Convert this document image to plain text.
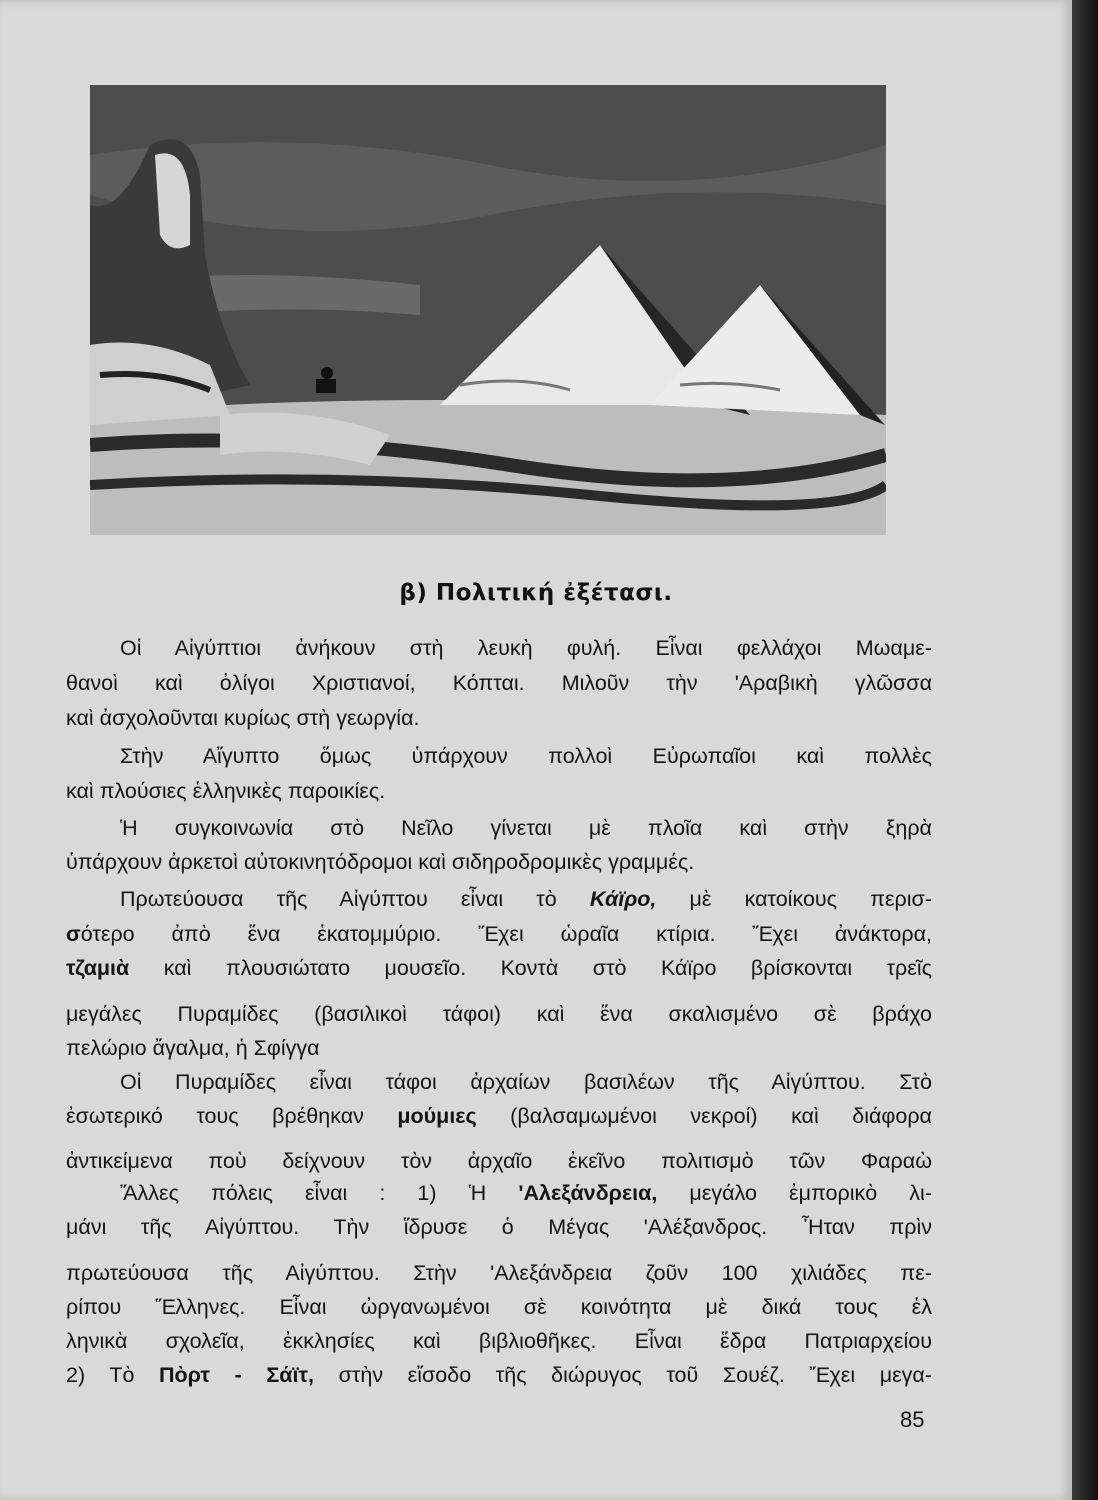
β) Πολιτική ἐξέτασι.
Οἱ Αἰγύπτιοι ἀνήκουν στὴ λευκὴ φυλή. Εἶναι φελλάχοι Μωαμε-
θανοὶ καὶ ὀλίγοι Χριστιανοί, Κόπται. Μιλοῦν τὴν 'Αραβικὴ γλῶσσα
καὶ ἀσχολοῦνται κυρίως στὴ γεωργία.
Στὴν Αἴγυπτο ὅμως ὑπάρχουν πολλοὶ Εὐρωπαῖοι καὶ πολλὲς
καὶ πλούσιες ἑλληνικὲς παροικίες.
Ἡ συγκοινωνία στὸ Νεῖλο γίνεται μὲ πλοῖα καὶ στὴν ξηρὰ
ὑπάρχουν ἀρκετοὶ αὐτοκινητόδρομοι καὶ σιδηροδρομικὲς γραμμές.
Πρωτεύουσα τῆς Αἰγύπτου εἶναι τὸ Κάϊρο, μὲ κατοίκους περισ-
σότερο ἀπὸ ἕνα ἑκατομμύριο. Ἔχει ὡραῖα κτίρια. Ἔχει ἀνάκτορα,
τζαμιὰ καὶ πλουσιώτατο μουσεῖο. Κοντὰ στὸ Κάϊρο βρίσκονται τρεῖς
μεγάλες Πυραμίδες (βασιλικοὶ τάφοι) καὶ ἕνα σκαλισμένο σὲ βράχο
πελώριο ἄγαλμα, ἡ Σφίγγα
Οἱ Πυραμίδες εἶναι τάφοι ἀρχαίων βασιλέων τῆς Αἰγύπτου. Στὸ
ἐσωτερικό τους βρέθηκαν μούμιες (βαλσαμωμένοι νεκροί) καὶ διάφορα
ἀντικείμενα ποὺ δείχνουν τὸν ἀρχαῖο ἐκεῖνο πολιτισμὸ τῶν Φαραὼ
Ἄλλες πόλεις εἶναι : 1) Ἡ 'Αλεξάνδρεια, μεγάλο ἐμπορικὸ λι-
μάνι τῆς Αἰγύπτου. Τὴν ἵδρυσε ὁ Μέγας 'Αλέξανδρος. Ἦταν πρὶν
πρωτεύουσα τῆς Αἰγύπτου. Στὴν 'Αλεξάνδρεια ζοῦν 100 χιλιάδες πε-
ρίπου Ἕλληνες. Εἶναι ὠργανωμένοι σὲ κοινότητα μὲ δικά τους ἑλ
ληνικὰ σχολεῖα, ἐκκλησίες καὶ βιβλιοθῆκες. Εἶναι ἕδρα Πατριαρχείου
2) Τὸ Πὸρτ - Σάϊτ, στὴν εἴσοδο τῆς διώρυγος τοῦ Σουέζ. Ἔχει μεγα-
85
